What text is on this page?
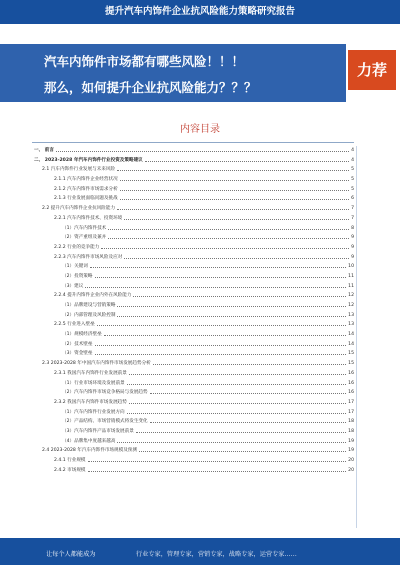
提升汽车内饰件企业抗风险能力策略研究报告
汽车内饰件市场都有哪些风险！！！
那么，如何提升企业抗风险能力？？？
力荐
内容目录
一、 前言	4
二、 2023-2028 年汽车内饰件行业投资及策略建议	4
2.1 汽车内饰件行业发展与未来风险	5
2.1.1 汽车内饰件企业经营状况	5
2.1.2 汽车内饰件市场需求分析	5
2.1.3 行业发展面临问题及挑战	6
2.2 提升汽车内饰件企业抗风险能力	7
2.2.1 汽车内饰件技术、投资环境	7
（1）汽车内饰件技术	8
（2）资产重组及兼并	9
2.2.2 行业的竞争能力	9
2.2.3 汽车内饰件市场风险及应对	9
（1）关键词	10
（2）投资策略	11
（3）建议	11
2.2.4 提升内饰件企业内外在风险能力	12
（1）品牌建设与营销策略	12
（2）内部管理及风险控制	13
2.2.5 行业进入壁垒	13
（1）规模经济壁垒	14
（2）技术壁垒	14
（3）资金壁垒	15
2.3 2023-2028 年中国汽车内饰件市场发展趋势分析	15
2.3.1 我国汽车内饰件行业发展前景	16
（1）行业市场环境及发展前景	16
（2）汽车内饰件市场竞争格局与发展趋势	16
2.3.2 我国汽车内饰件市场发展趋势	17
（1）汽车内饰件行业发展方向	17
（2）产品结构、市场营销模式将发生变化	18
（3）汽车内饰件产品市场发展前景	18
（4）品牌集中度越来越高	19
2.4 2023-2028 年汽车内饰件市场规模及预测	19
2.4.1 行业规模	20
2.4.2 市场规模	20
让每个人都能成为	行业专家，管理专家，营销专家，战略专家，运营专家……
